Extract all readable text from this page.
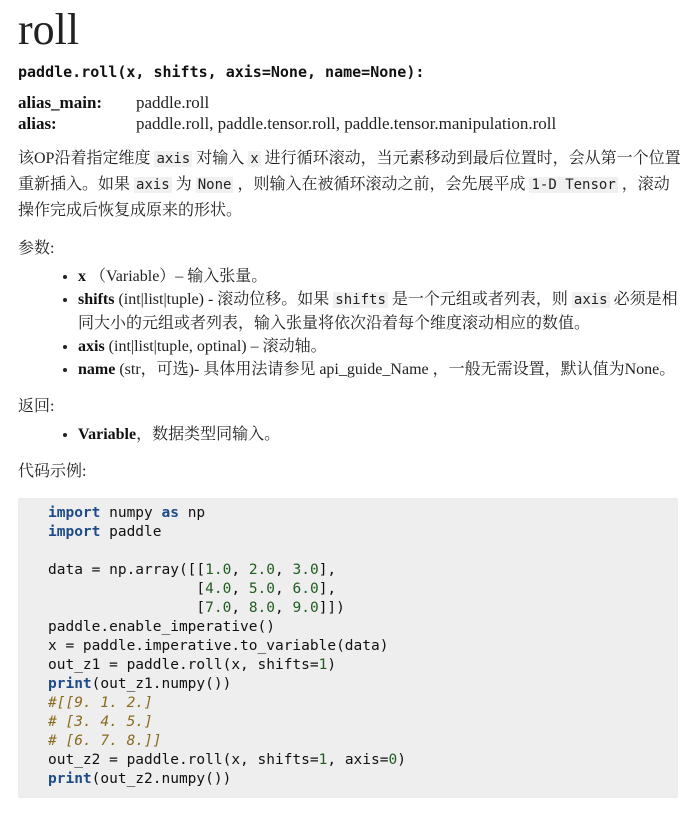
roll
paddle.roll(x, shifts, axis=None, name=None):
alias_main:	paddle.roll
alias:	paddle.roll, paddle.tensor.roll, paddle.tensor.manipulation.roll
该OP沿着指定维度 axis 对输入 x 进行循环滚动，当元素移动到最后位置时，会从第一个位置重新插入。如果 axis 为 None ，则输入在被循环滚动之前，会先展平成 1-D Tensor ，滚动操作完成后恢复成原来的形状。
参数:
• x （Variable）– 输入张量。
• shifts (int|list|tuple) - 滚动位移。如果 shifts 是一个元组或者列表，则 axis 必须是相同大小的元组或者列表，输入张量将依次沿着每个维度滚动相应的数值。
• axis (int|list|tuple, optinal) – 滚动轴。
• name (str，可选)- 具体用法请参见 api_guide_Name ，一般无需设置，默认值为None。
返回:
• Variable，数据类型同输入。
代码示例:
import numpy as np
import paddle
data = np.array([[1.0, 2.0, 3.0],
[4.0, 5.0, 6.0],
[7.0, 8.0, 9.0]])
paddle.enable_imperative()
x = paddle.imperative.to_variable(data)
out_z1 = paddle.roll(x, shifts=1)
print(out_z1.numpy())
#[[9. 1. 2.]
# [3. 4. 5.]
# [6. 7. 8.]]
out_z2 = paddle.roll(x, shifts=1, axis=0)
print(out_z2.numpy())
